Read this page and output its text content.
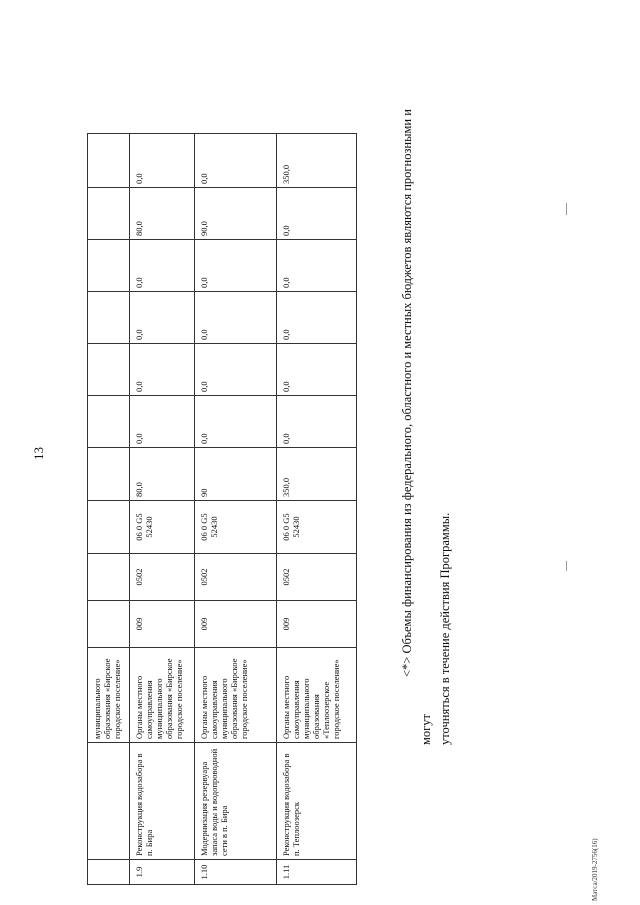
13
Mатса/2019-2756(16)
		муниципального образования «Бирское городское поселение»										
1.9	Реконструкция водозабора в п. Бира	Органы местного самоуправления муниципального образования «Бирское городское поселение»	009	0502	06 0 G5 52430	80,0	0,0	0,0	0,0	0,0	80,0	0,0
1.10	Модернизация резервуара запаса воды и водопроводной сети в п. Бира	Органы местного самоуправления муниципального образования «Бирское городское поселение»	009	0502	06 0 G5 52430	90	0,0	0,0	0,0	0,0	90,0	0,0
1.11	Реконструкция водозабора в п. Теплоозерск	Органы местного самоуправления муниципального образования «Теплоозерское городское поселение»	009	0502	06 0 G5 52430	350,0	0,0	0,0	0,0	0,0	0,0	350,0	<*> Объемы финансирования из федерального, областного и местных бюджетов являются прогнозными и могут уточняться в течение действия Программы.
